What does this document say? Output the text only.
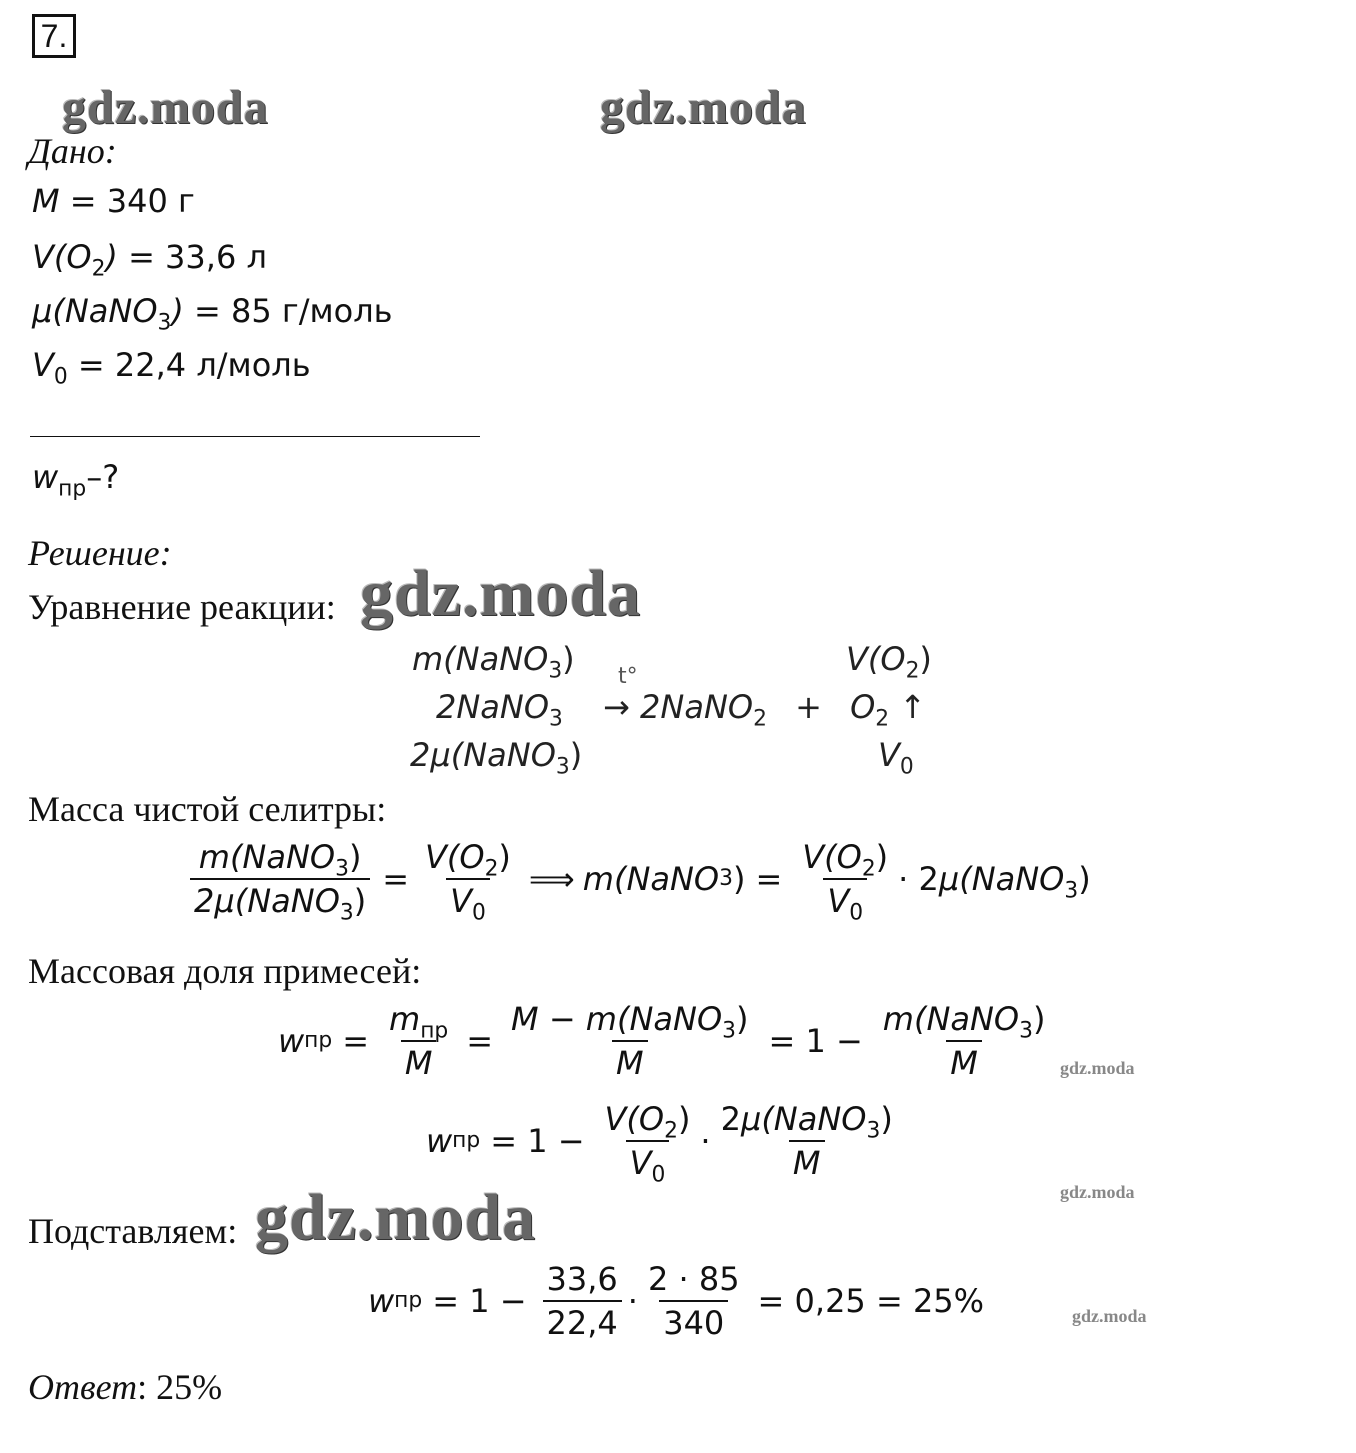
7.
gdz.moda	gdz.moda
gdz.moda
gdz.moda
gdz.moda
gdz.moda
gdz.moda
Дано:
M = 340 г
$V(O_2) = 33,6$ л
μ(NaNO$_3$) = 85 г/моль
$V_0 = 22,4$ л/моль
$w_{пр}-$?
Решение:
Уравнение реакции:
m(NaNO$_3$)	$V(O_2)$
t°
2NaNO$_3$ → 2NaNO$_2$ + $O_2$ ↑
2μ(NaNO$_3$)	$V_0$
Масса чистой селитры:
$\frac{m(NaNO_3)}{2\mu(NaNO_3)} = \frac{V(O_2)}{V_0}$ ⟹ m(NaNO 3 ) = $\frac{V(O_2)}{V_0}$ · 2μ(NaNO$_3$)
Массовая доля примесей:
w пр = $\frac{m_{пр}}{M} = \frac{M - m(NaNO_3)}{M} = 1 - \frac{m(NaNO_3)}{M}$
w пр = $1 - \frac{V(O_2)}{V_0} \cdot \frac{2\mu(NaNO_3)}{M}$
Подставляем:
w пр = $1 - \frac{33,6}{22,4} \cdot \frac{2 \cdot 85}{340} = 0,25 = 25\%$
Ответ: 25%
